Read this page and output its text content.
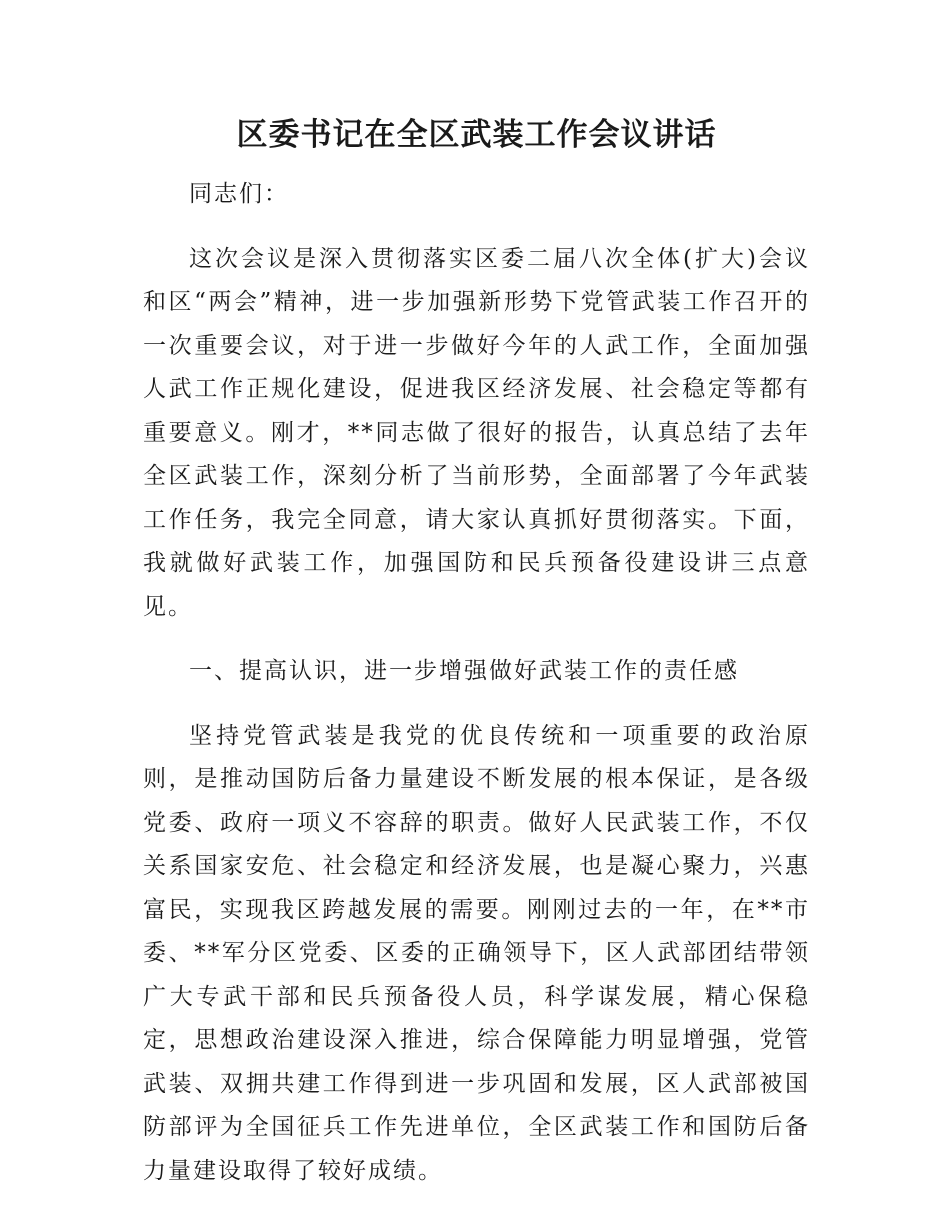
区委书记在全区武装工作会议讲话

同志们：

这次会议是深入贯彻落实区委二届八次全体(扩大)会议和区“两会”精神，进一步加强新形势下党管武装工作召开的一次重要会议，对于进一步做好今年的人武工作，全面加强人武工作正规化建设，促进我区经济发展、社会稳定等都有重要意义。刚才，**同志做了很好的报告，认真总结了去年全区武装工作，深刻分析了当前形势，全面部署了今年武装工作任务，我完全同意，请大家认真抓好贯彻落实。下面，我就做好武装工作，加强国防和民兵预备役建设讲三点意见。

一、提高认识，进一步增强做好武装工作的责任感

坚持党管武装是我党的优良传统和一项重要的政治原则，是推动国防后备力量建设不断发展的根本保证，是各级党委、政府一项义不容辞的职责。做好人民武装工作，不仅关系国家安危、社会稳定和经济发展，也是凝心聚力，兴惠富民，实现我区跨越发展的需要。刚刚过去的一年，在**市委、**军分区党委、区委的正确领导下，区人武部团结带领广大专武干部和民兵预备役人员，科学谋发展，精心保稳定，思想政治建设深入推进，综合保障能力明显增强，党管武装、双拥共建工作得到进一步巩固和发展，区人武部被国防部评为全国征兵工作先进单位，全区武装工作和国防后备力量建设取得了较好成绩。
